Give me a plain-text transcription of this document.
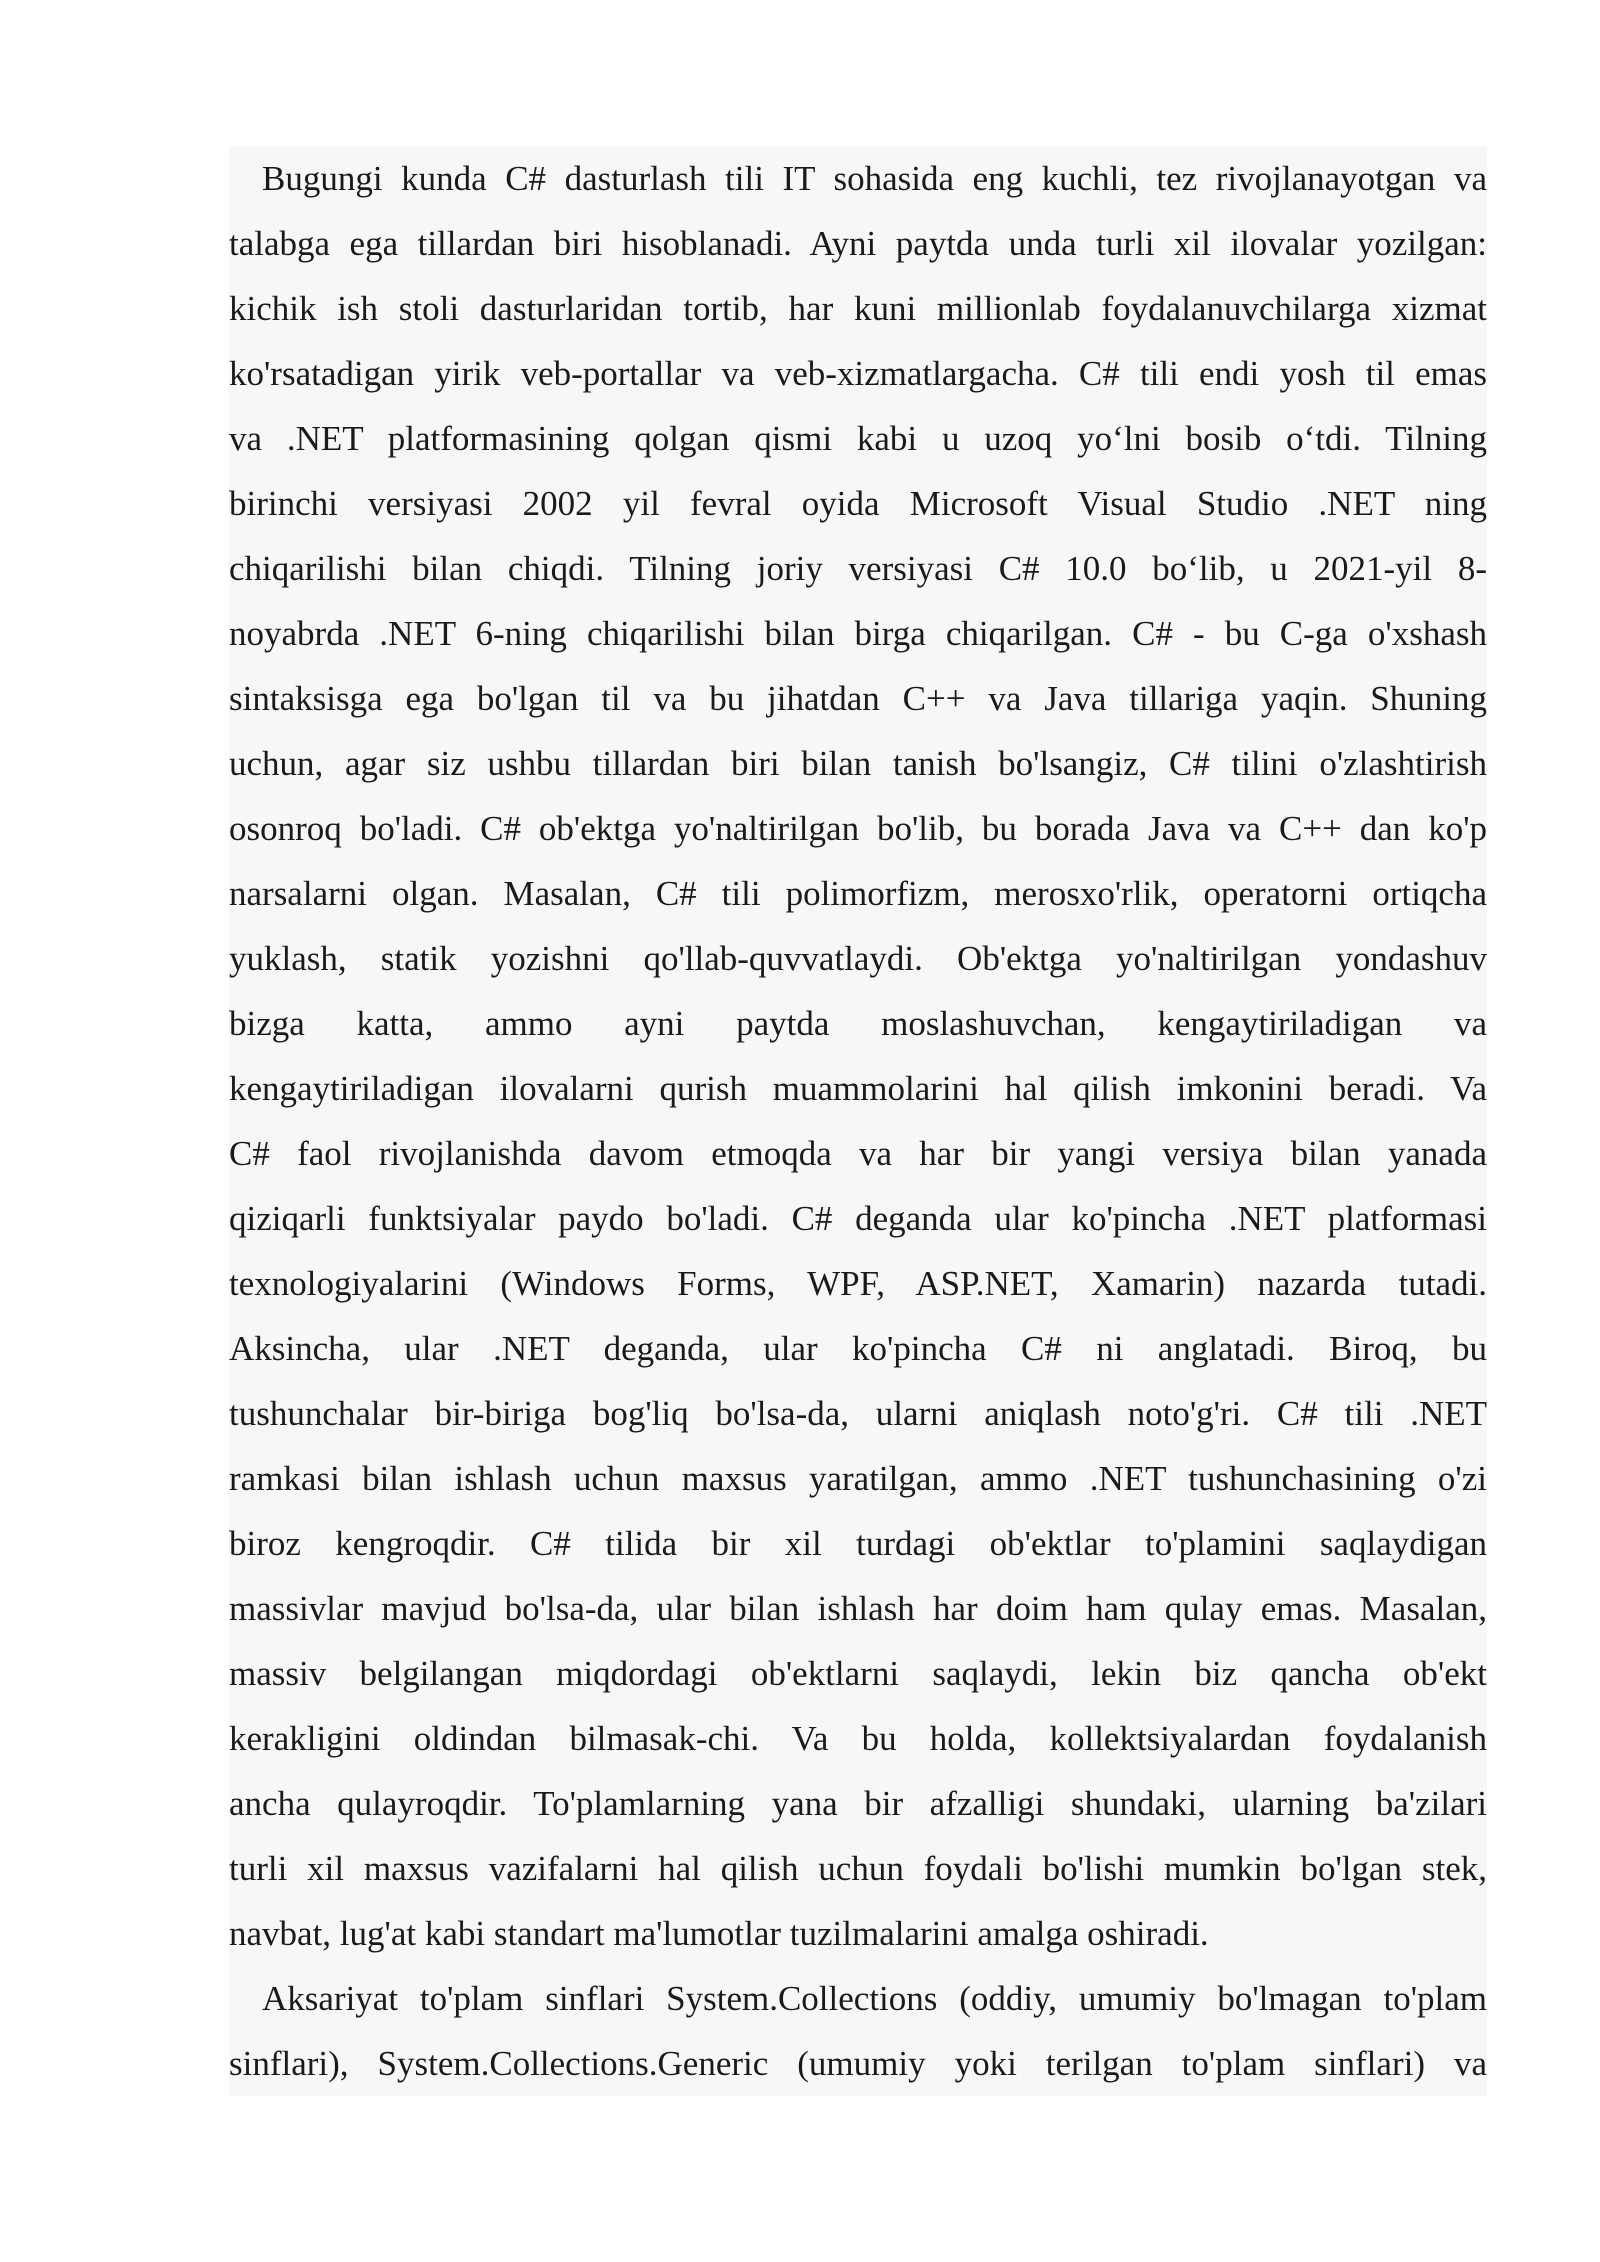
Bugungi kunda C# dasturlash tili IT sohasida eng kuchli, tez rivojlanayotgan va
talabga ega tillardan biri hisoblanadi. Ayni paytda unda turli xil ilovalar yozilgan:
kichik ish stoli dasturlaridan tortib, har kuni millionlab foydalanuvchilarga xizmat
ko'rsatadigan yirik veb-portallar va veb-xizmatlargacha. C# tili endi yosh til emas
va .NET platformasining qolgan qismi kabi u uzoq yo‘lni bosib o‘tdi. Tilning
birinchi versiyasi 2002 yil fevral oyida Microsoft Visual Studio .NET ning
chiqarilishi bilan chiqdi. Tilning joriy versiyasi C# 10.0 bo‘lib, u 2021-yil 8-
noyabrda .NET 6-ning chiqarilishi bilan birga chiqarilgan. C# - bu C-ga o'xshash
sintaksisga ega bo'lgan til va bu jihatdan C++ va Java tillariga yaqin. Shuning
uchun, agar siz ushbu tillardan biri bilan tanish bo'lsangiz, C# tilini o'zlashtirish
osonroq bo'ladi. C# ob'ektga yo'naltirilgan bo'lib, bu borada Java va C++ dan ko'p
narsalarni olgan. Masalan, C# tili polimorfizm, merosxo'rlik, operatorni ortiqcha
yuklash, statik yozishni qo'llab-quvvatlaydi. Ob'ektga yo'naltirilgan yondashuv
bizga katta, ammo ayni paytda moslashuvchan, kengaytiriladigan va
kengaytiriladigan ilovalarni qurish muammolarini hal qilish imkonini beradi. Va
C# faol rivojlanishda davom etmoqda va har bir yangi versiya bilan yanada
qiziqarli funktsiyalar paydo bo'ladi. C# deganda ular ko'pincha .NET platformasi
texnologiyalarini (Windows Forms, WPF, ASP.NET, Xamarin) nazarda tutadi.
Aksincha, ular .NET deganda, ular ko'pincha C# ni anglatadi. Biroq, bu
tushunchalar bir-biriga bog'liq bo'lsa-da, ularni aniqlash noto'g'ri. C# tili .NET
ramkasi bilan ishlash uchun maxsus yaratilgan, ammo .NET tushunchasining o'zi
biroz kengroqdir. C# tilida bir xil turdagi ob'ektlar to'plamini saqlaydigan
massivlar mavjud bo'lsa-da, ular bilan ishlash har doim ham qulay emas. Masalan,
massiv belgilangan miqdordagi ob'ektlarni saqlaydi, lekin biz qancha ob'ekt
kerakligini oldindan bilmasak-chi. Va bu holda, kollektsiyalardan foydalanish
ancha qulayroqdir. To'plamlarning yana bir afzalligi shundaki, ularning ba'zilari
turli xil maxsus vazifalarni hal qilish uchun foydali bo'lishi mumkin bo'lgan stek,
navbat, lug'at kabi standart ma'lumotlar tuzilmalarini amalga oshiradi.
Aksariyat to'plam sinflari System.Collections (oddiy, umumiy bo'lmagan to'plam
sinflari), System.Collections.Generic (umumiy yoki terilgan to'plam sinflari) va
